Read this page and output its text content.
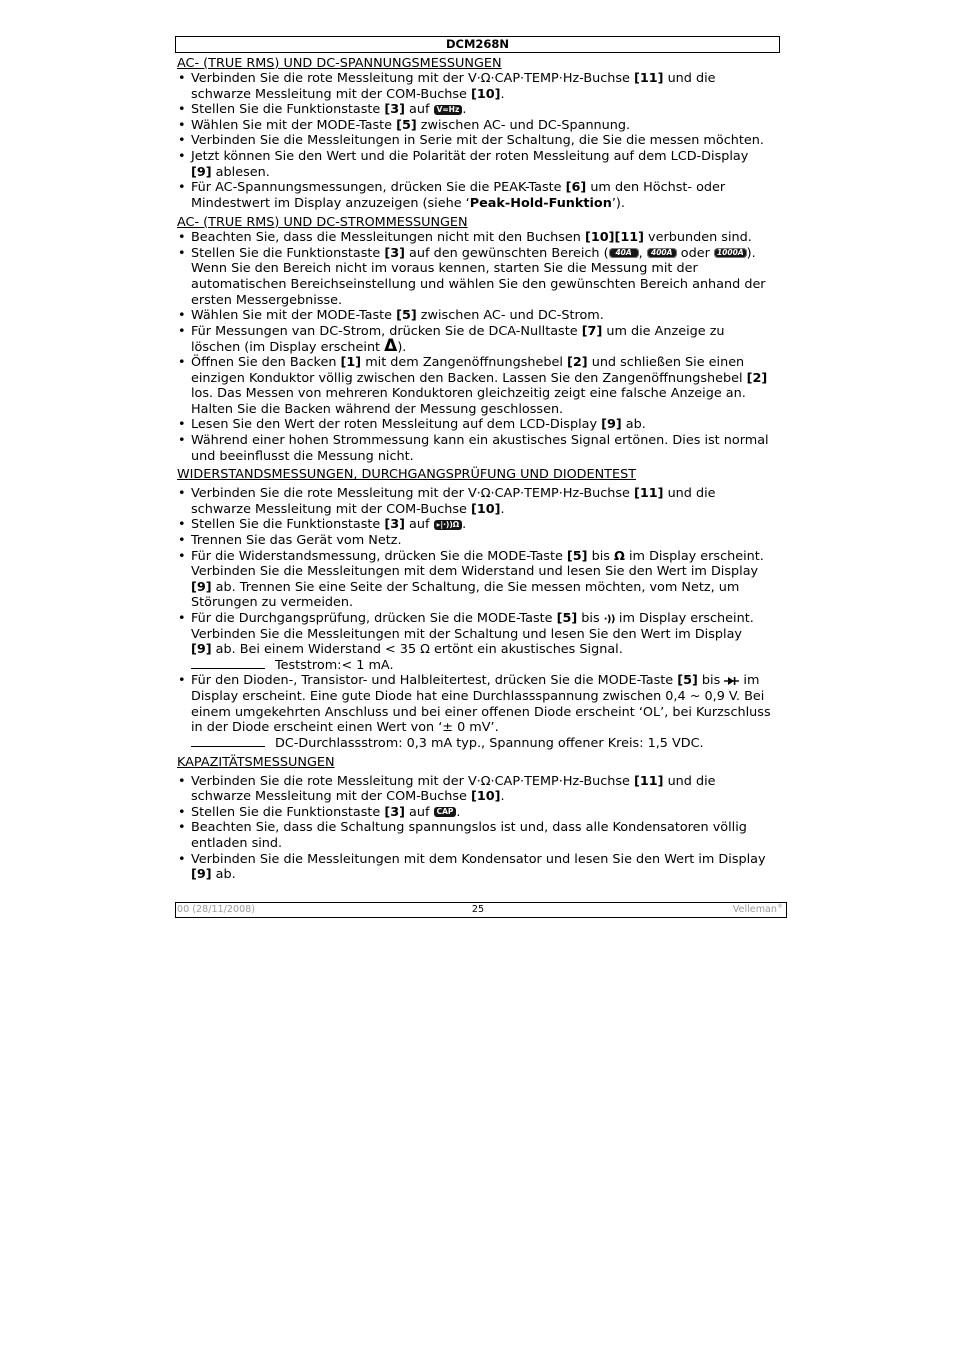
DCM268N
AC- (TRUE RMS) UND DC-SPANNUNGSMESSUNGEN
• Verbinden Sie die rote Messleitung mit der V·Ω·CAP·TEMP·Hz-Buchse [11] und die
schwarze Messleitung mit der COM-Buchse [10].
• Stellen Sie die Funktionstaste [3] auf V≂Hz .
• Wählen Sie mit der MODE-Taste [5] zwischen AC- und DC-Spannung.
• Verbinden Sie die Messleitungen in Serie mit der Schaltung, die Sie die messen möchten.
• Jetzt können Sie den Wert und die Polarität der roten Messleitung auf dem LCD-Display
[9] ablesen.
• Für AC-Spannungsmessungen, drücken Sie die PEAK-Taste [6] um den Höchst- oder
Mindestwert im Display anzuzeigen (siehe ‘Peak-Hold-Funktion’).
AC- (TRUE RMS) UND DC-STROMMESSUNGEN
• Beachten Sie, dass die Messleitungen nicht mit den Buchsen [10][11] verbunden sind.
• Stellen Sie die Funktionstaste [3] auf den gewünschten Bereich ( 40A , 400A oder 1000A ).
Wenn Sie den Bereich nicht im voraus kennen, starten Sie die Messung mit der
automatischen Bereichseinstellung und wählen Sie den gewünschten Bereich anhand der
ersten Messergebnisse.
• Wählen Sie mit der MODE-Taste [5] zwischen AC- und DC-Strom.
• Für Messungen van DC-Strom, drücken Sie de DCA-Nulltaste [7] um die Anzeige zu
löschen (im Display erscheint Δ).
• Öffnen Sie den Backen [1] mit dem Zangenöffnungshebel [2] und schließen Sie einen
einzigen Konduktor völlig zwischen den Backen. Lassen Sie den Zangenöffnungshebel [2]
los. Das Messen von mehreren Konduktoren gleichzeitig zeigt eine falsche Anzeige an.
Halten Sie die Backen während der Messung geschlossen.
• Lesen Sie den Wert der roten Messleitung auf dem LCD-Display [9] ab.
• Während einer hohen Strommessung kann ein akustisches Signal ertönen. Dies ist normal
und beeinflusst die Messung nicht.
WIDERSTANDSMESSUNGEN, DURCHGANGSPRÜFUNG UND DIODENTEST
• Verbinden Sie die rote Messleitung mit der V·Ω·CAP·TEMP·Hz-Buchse [11] und die
schwarze Messleitung mit der COM-Buchse [10].
• Stellen Sie die Funktionstaste [3] auf ▸|·))Ω .
• Trennen Sie das Gerät vom Netz.
• Für die Widerstandsmessung, drücken Sie die MODE-Taste [5] bis Ω im Display erscheint.
Verbinden Sie die Messleitungen mit dem Widerstand und lesen Sie den Wert im Display
[9] ab. Trennen Sie eine Seite der Schaltung, die Sie messen möchten, vom Netz, um
Störungen zu vermeiden.
• Für die Durchgangsprüfung, drücken Sie die MODE-Taste [5] bis ·)) im Display erscheint.
Verbinden Sie die Messleitungen mit der Schaltung und lesen Sie den Wert im Display
[9] ab. Bei einem Widerstand < 35 Ω ertönt ein akustisches Signal.
Teststrom:< 1 mA.
• Für den Dioden-, Transistor- und Halbleitertest, drücken Sie die MODE-Taste [5] bis  im
Display erscheint. Eine gute Diode hat eine Durchlassspannung zwischen 0,4 ~ 0,9 V. Bei
einem umgekehrten Anschluss und bei einer offenen Diode erscheint ‘OL’, bei Kurzschluss
in der Diode erscheint einen Wert von ‘± 0 mV’.
DC-Durchlassstrom: 0,3 mA typ., Spannung offener Kreis: 1,5 VDC.
KAPAZITÄTSMESSUNGEN
• Verbinden Sie die rote Messleitung mit der V·Ω·CAP·TEMP·Hz-Buchse [11] und die
schwarze Messleitung mit der COM-Buchse [10].
• Stellen Sie die Funktionstaste [3] auf CAP .
• Beachten Sie, dass die Schaltung spannungslos ist und, dass alle Kondensatoren völlig
entladen sind.
• Verbinden Sie die Messleitungen mit dem Kondensator und lesen Sie den Wert im Display
[9] ab.
00 (28/11/2008)	25	Velleman®
